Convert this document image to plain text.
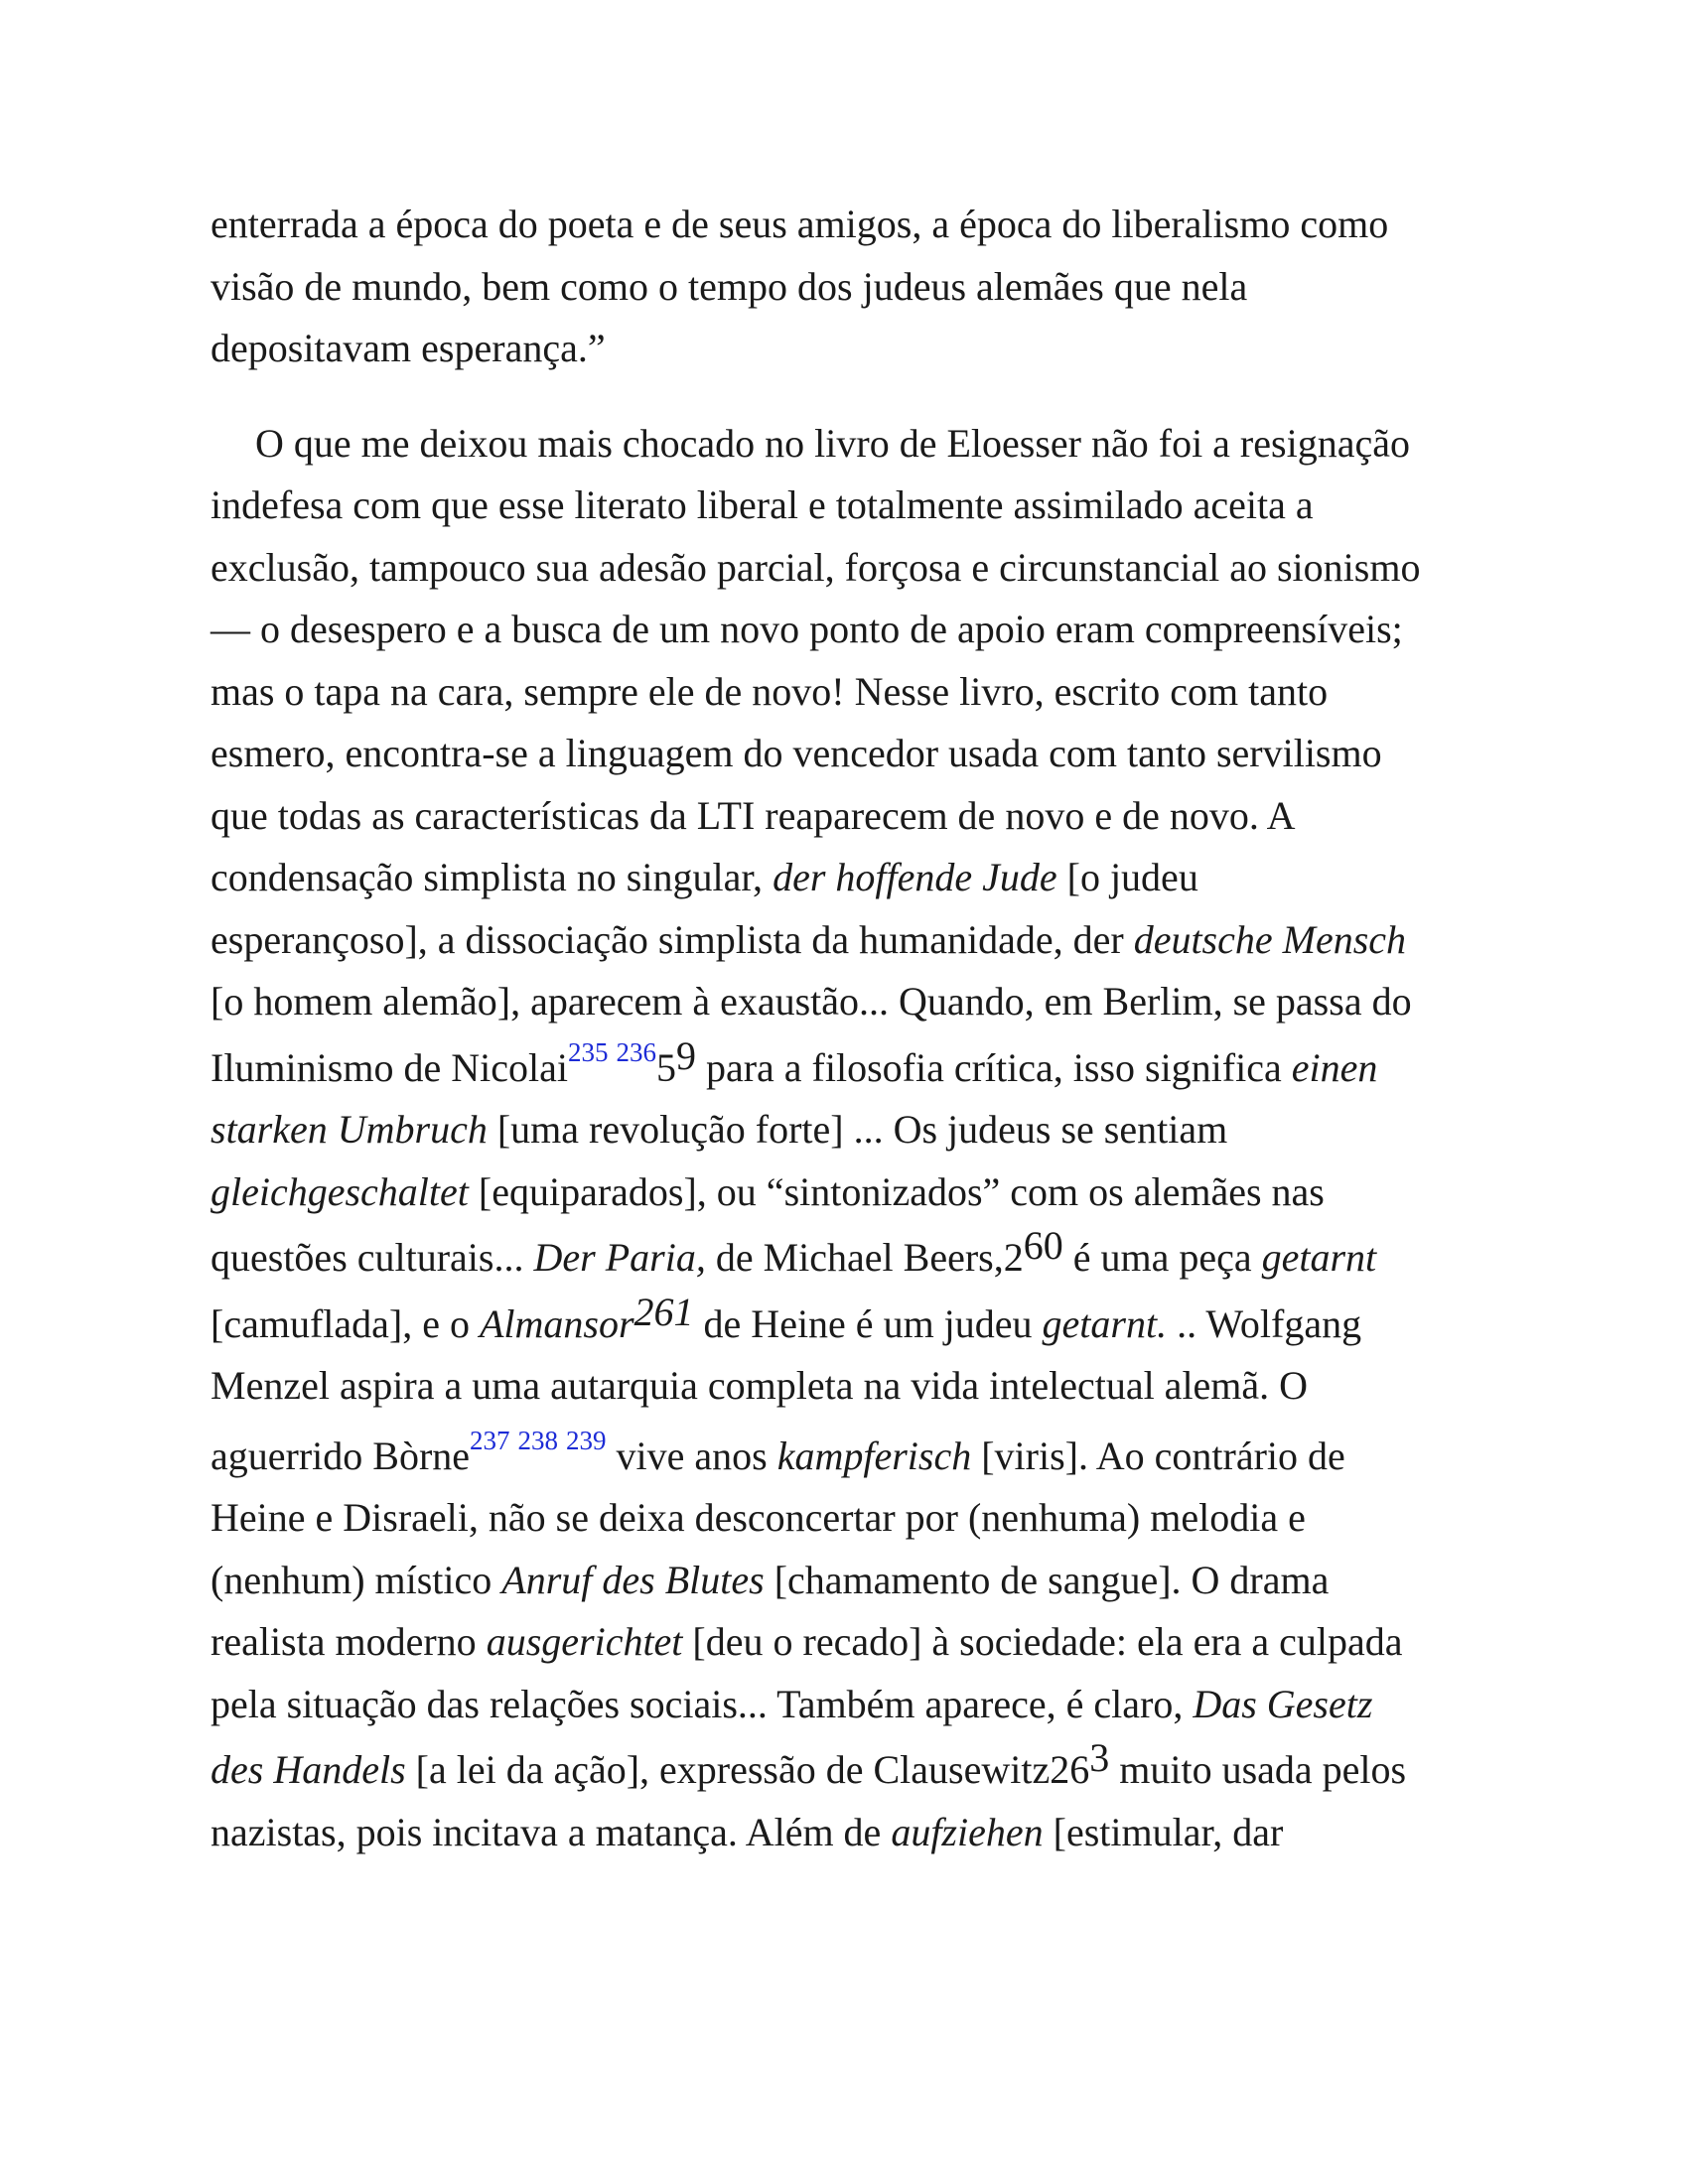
enterrada a época do poeta e de seus amigos, a época do liberalismo como
visão de mundo, bem como o tempo dos judeus alemães que nela
depositavam esperança.”

O que me deixou mais chocado no livro de Eloesser não foi a resignação
indefesa com que esse literato liberal e totalmente assimilado aceita a
exclusão, tampouco sua adesão parcial, forçosa e circunstancial ao sionismo
— o desespero e a busca de um novo ponto de apoio eram compreensíveis;
mas o tapa na cara, sempre ele de novo! Nesse livro, escrito com tanto
esmero, encontra-se a linguagem do vencedor usada com tanto servilismo
que todas as características da LTI reaparecem de novo e de novo. A
condensação simplista no singular, der hoffende Jude [o judeu
esperançoso], a dissociação simplista da humanidade, der deutsche Mensch
[o homem alemão], aparecem à exaustão... Quando, em Berlim, se passa do
Iluminismo de Nicolai$^{235}$ $^{236}$59 para a filosofia crítica, isso significa einen
starken Umbruch [uma revolução forte] ... Os judeus se sentiam
gleichgeschaltet [equiparados], ou “sintonizados” com os alemães nas
questões culturais... Der Paria, de Michael Beers,260 é uma peça getarnt
[camuflada], e o Almansor261 de Heine é um judeu getarnt. .. Wolfgang
Menzel aspira a uma autarquia completa na vida intelectual alemã. O
aguerrido Bòrne$^{237}$ $^{238}$ $^{239}$ vive anos kampferisch [viris]. Ao contrário de
Heine e Disraeli, não se deixa desconcertar por (nenhuma) melodia e
(nenhum) místico Anruf des Blutes [chamamento de sangue]. O drama
realista moderno ausgerichtet [deu o recado] à sociedade: ela era a culpada
pela situação das relações sociais... Também aparece, é claro, Das Gesetz
des Handels [a lei da ação], expressão de Clausewitz263 muito usada pelos
nazistas, pois incitava a matança. Além de aufziehen [estimular, dar
